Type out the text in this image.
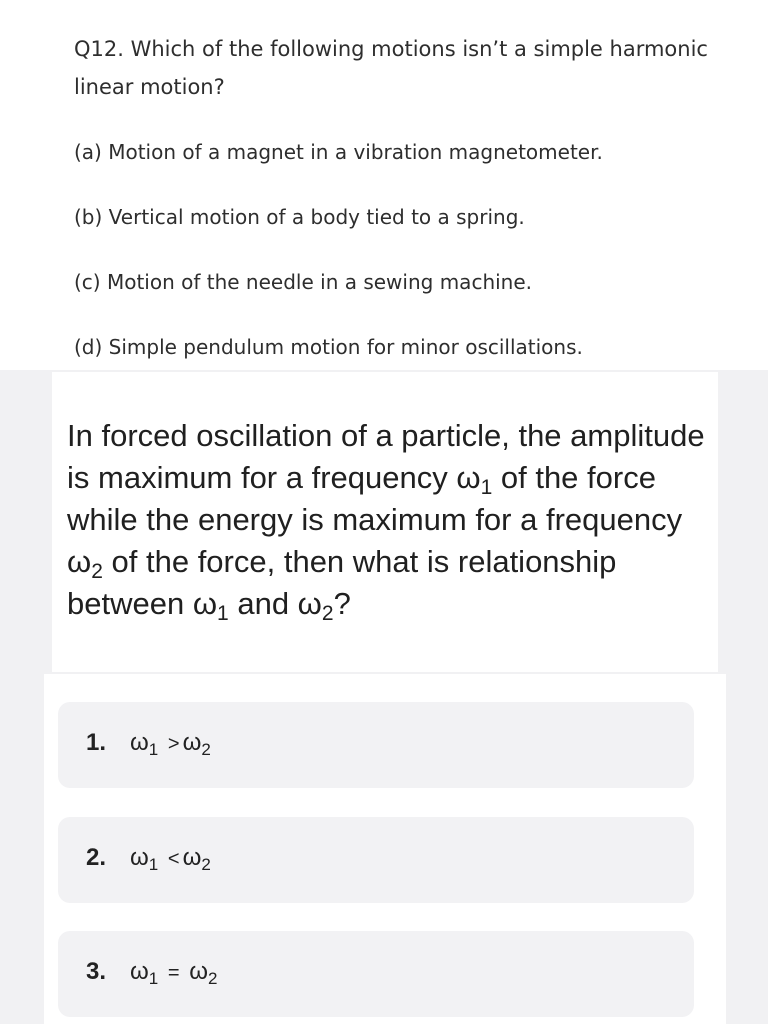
Q12. Which of the following motions isn’t a simple harmonic linear motion?
(a) Motion of a magnet in a vibration magnetometer.
(b) Vertical motion of a body tied to a spring.
(c) Motion of the needle in a sewing machine.
(d) Simple pendulum motion for minor oscillations.
In forced oscillation of a particle, the amplitude is maximum for a frequency $\omega_1$ of the force while the energy is maximum for a frequency $\omega_2$ of the force, then what is relationship between $\omega_1$ and $\omega_2$?
1. $\omega_1 > \omega_2$
2. $\omega_1 < \omega_2$
3. $\omega_1 = \omega_2$
